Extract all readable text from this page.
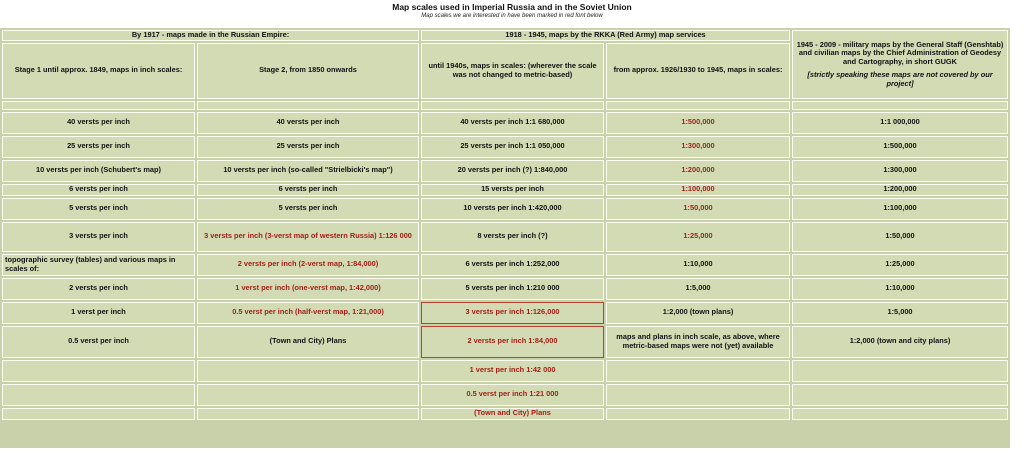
Map scales used in Imperial Russia and in the Soviet Union
Map scales we are interested in have been marked in red font below
By 1917 - maps made in the Russian Empire:		1918 - 1945, maps by the RKKA (Red Army) map services		1945 - 2009 - military maps by the General Staff (Genshtab) and civilian maps by the Chief Administration of Geodesy and Cartography, in short GUGK
[strictly speaking these maps are not covered by our project]

Stage 1 until approx. 1849, maps in inch scales:	Stage 2, from 1850 onwards	until 1940s, maps in scales: (wherever the scale was not changed to metric-based)	from approx. 1926/1930 to 1945, maps in scales:	

40 versts per inch	40 versts per inch	40 versts per inch 1:1 680,000	1:500,000	1:1 000,000
25 versts per inch	25 versts per inch	25 versts per inch 1:1 050,000	1:300,000	1:500,000
10 versts per inch (Schubert's map)	10 versts per inch (so-called "Strielbicki's map")	20 versts per inch (?) 1:840,000	1:200,000	1:300,000
6 versts per inch	6 versts per inch	15 versts per inch	1:100,000	1:200,000
5 versts per inch	5 versts per inch	10 versts per inch 1:420,000	1:50,000	1:100,000
3 versts per inch	3 versts per inch (3-verst map of western Russia) 1:126 000	8 versts per inch (?)	1:25,000	1:50,000
topographic survey (tables) and various maps in scales of:	2 versts per inch (2-verst map, 1:84,000)	6 versts per inch 1:252,000	1:10,000	1:25,000
2 versts per inch	1 verst per inch (one-verst map, 1:42,000)	5 versts per inch 1:210 000	1:5,000	1:10,000
1 verst per inch	0.5 verst per inch (half-verst map, 1:21,000)	3 versts per inch 1:126,000	1:2,000 (town plans)	1:5,000
0.5 verst per inch	(Town and City) Plans	2 versts per inch 1:84,000	maps and plans in inch scale, as above, where metric-based maps were not (yet) available	1:2,000 (town and city plans)
		1 verst per inch 1:42 000		
		0.5 verst per inch 1:21 000		
		(Town and City) Plans		
